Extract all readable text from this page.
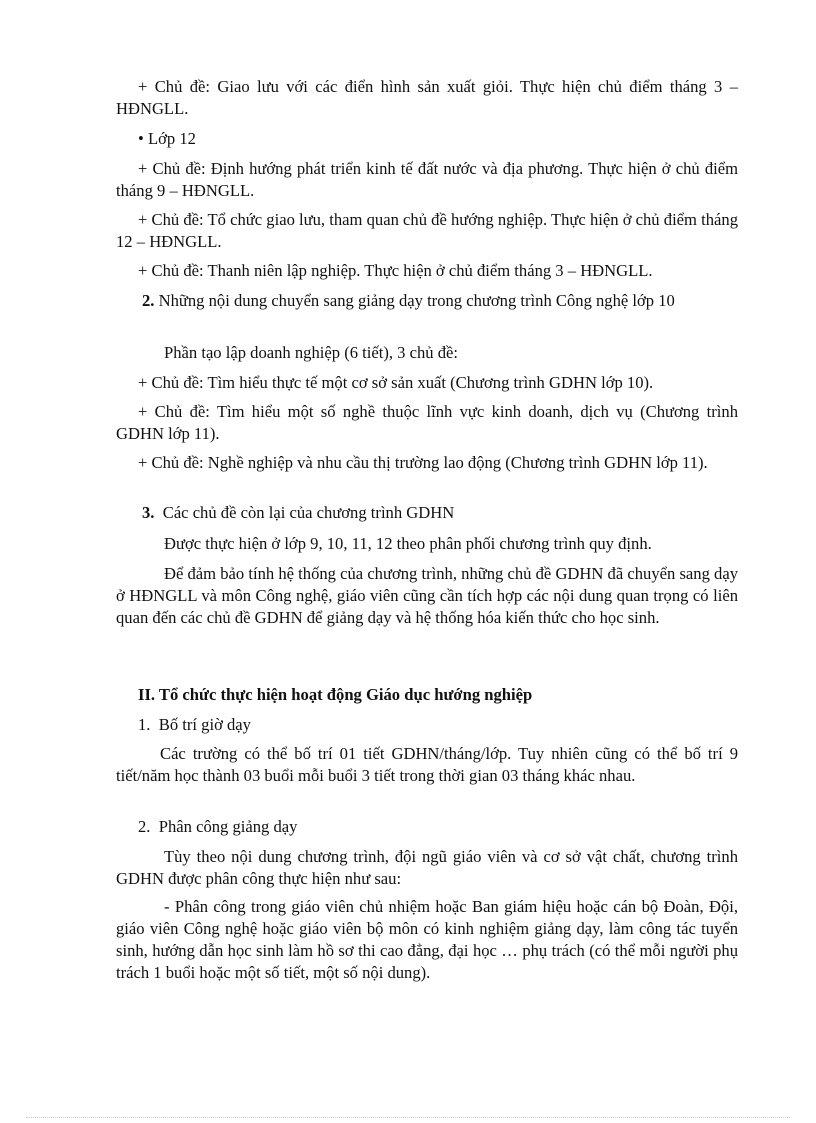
+ Chủ đề: Giao lưu với các điển hình sản xuất giỏi. Thực hiện chủ điểm tháng 3 – HĐNGLL.

• Lớp 12

+ Chủ đề: Định hướng phát triển kinh tế đất nước và địa phương. Thực hiện ở chủ điểm tháng 9 – HĐNGLL.

+ Chủ đề: Tổ chức giao lưu, tham quan chủ đề hướng nghiệp. Thực hiện ở chủ điểm tháng 12 – HĐNGLL.

+ Chủ đề: Thanh niên lập nghiệp. Thực hiện ở chủ điểm tháng 3 – HĐNGLL.

2. Những nội dung chuyển sang giảng dạy trong chương trình Công nghệ lớp 10

Phần tạo lập doanh nghiệp (6 tiết), 3 chủ đề:

+ Chủ đề: Tìm hiểu thực tế một cơ sở sản xuất (Chương trình GDHN lớp 10).

+ Chủ đề: Tìm hiểu một số nghề thuộc lĩnh vực kinh doanh, dịch vụ (Chương trình GDHN lớp 11).

+ Chủ đề: Nghề nghiệp và nhu cầu thị trường lao động (Chương trình GDHN lớp 11).

3. Các chủ đề còn lại của chương trình GDHN

Được thực hiện ở lớp 9, 10, 11, 12 theo phân phối chương trình quy định.

Để đảm bảo tính hệ thống của chương trình, những chủ đề GDHN đã chuyển sang dạy ở HĐNGLL và môn Công nghệ, giáo viên cũng cần tích hợp các nội dung quan trọng có liên quan đến các chủ đề GDHN để giảng dạy và hệ thống hóa kiến thức cho học sinh.

II. Tổ chức thực hiện hoạt động Giáo dục hướng nghiệp

1. Bố trí giờ dạy

Các trường có thể bố trí 01 tiết GDHN/tháng/lớp. Tuy nhiên cũng có thể bố trí 9 tiết/năm học thành 03 buổi mỗi buổi 3 tiết trong thời gian 03 tháng khác nhau.

2. Phân công giảng dạy

Tùy theo nội dung chương trình, đội ngũ giáo viên và cơ sở vật chất, chương trình GDHN được phân công thực hiện như sau:

- Phân công trong giáo viên chủ nhiệm hoặc Ban giám hiệu hoặc cán bộ Đoàn, Đội, giáo viên Công nghệ hoặc giáo viên bộ môn có kinh nghiệm giảng dạy, làm công tác tuyển sinh, hướng dẫn học sinh làm hồ sơ thi cao đẳng, đại học … phụ trách (có thể mỗi người phụ trách 1 buổi hoặc một số tiết, một số nội dung).
